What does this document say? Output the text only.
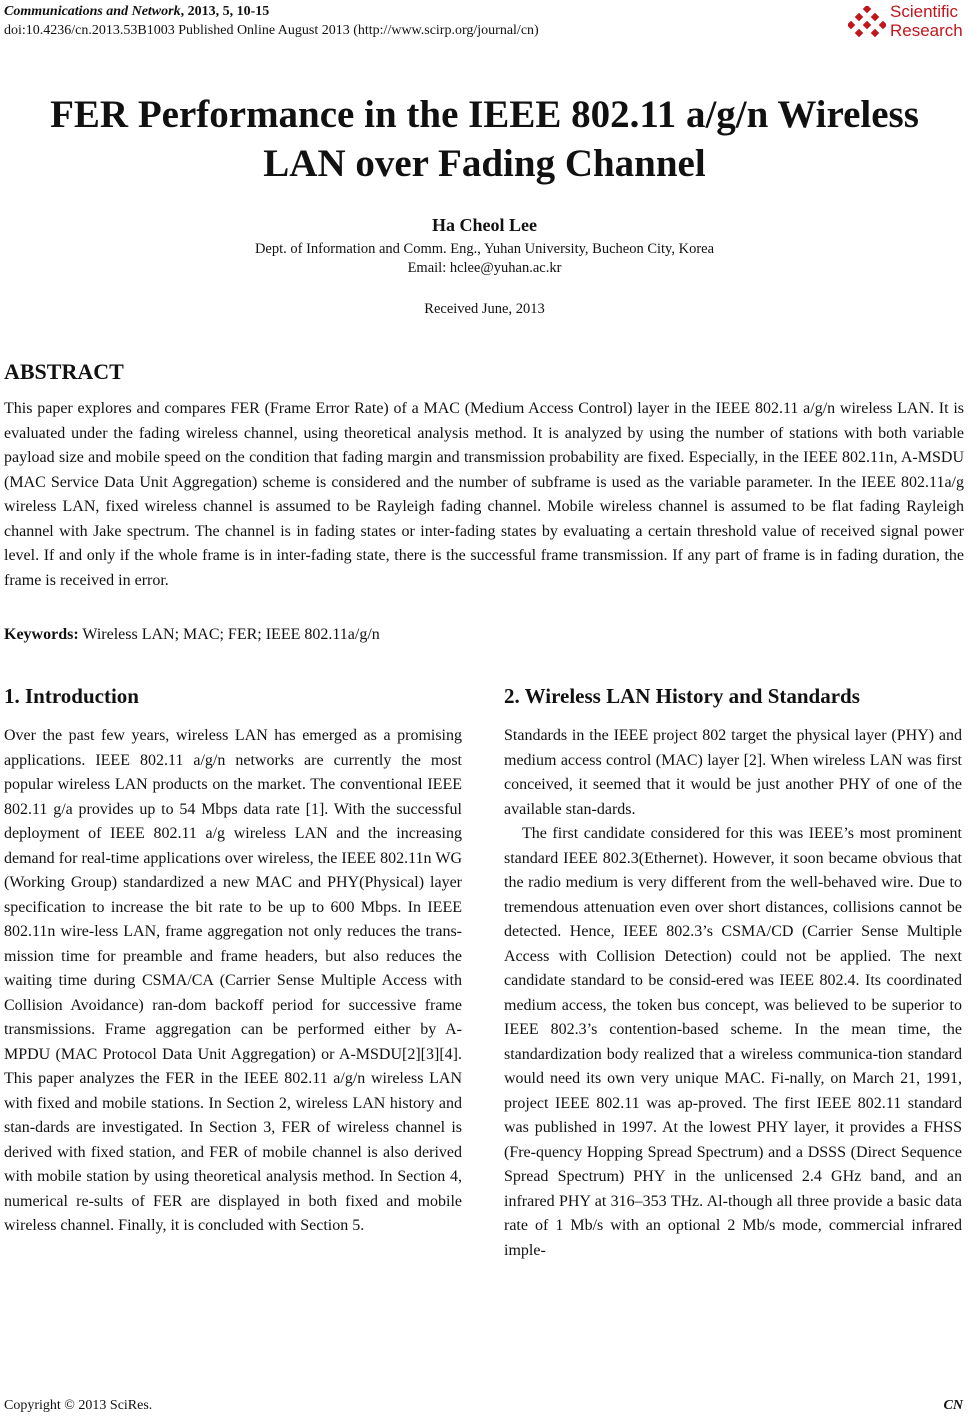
Communications and Network, 2013, 5, 10-15
doi:10.4236/cn.2013.53B1003 Published Online August 2013 (http://www.scirp.org/journal/cn)
Scientific
Research
FER Performance in the IEEE 802.11 a/g/n Wireless
LAN over Fading Channel
Ha Cheol Lee
Dept. of Information and Comm. Eng., Yuhan University, Bucheon City, Korea
Email: hclee@yuhan.ac.kr
Received June, 2013
ABSTRACT

This paper explores and compares FER (Frame Error Rate) of a MAC (Medium Access Control) layer in the IEEE 802.11 a/g/n wireless LAN. It is evaluated under the fading wireless channel, using theoretical analysis method. It is analyzed by using the number of stations with both variable payload size and mobile speed on the condition that fading margin and transmission probability are fixed. Especially, in the IEEE 802.11n, A-MSDU (MAC Service Data Unit Aggregation) scheme is considered and the number of subframe is used as the variable parameter. In the IEEE 802.11a/g wireless LAN, fixed wireless channel is assumed to be Rayleigh fading channel. Mobile wireless channel is assumed to be flat fading Rayleigh channel with Jake spectrum. The channel is in fading states or inter-fading states by evaluating a certain threshold value of received signal power level. If and only if the whole frame is in inter-fading state, there is the successful frame transmission. If any part of frame is in fading duration, the frame is received in error.

Keywords: Wireless LAN; MAC; FER; IEEE 802.11a/g/n
1. Introduction

Over the past few years, wireless LAN has emerged as a promising applications. IEEE 802.11 a/g/n networks are currently the most popular wireless LAN products on the market. The conventional IEEE 802.11 g/a provides up to 54 Mbps data rate [1]. With the successful deployment of IEEE 802.11 a/g wireless LAN and the increasing demand for real-time applications over wireless, the IEEE 802.11n WG (Working Group) standardized a new MAC and PHY(Physical) layer specification to increase the bit rate to be up to 600 Mbps. In IEEE 802.11n wire-less LAN, frame aggregation not only reduces the trans-mission time for preamble and frame headers, but also reduces the waiting time during CSMA/CA (Carrier Sense Multiple Access with Collision Avoidance) ran-dom backoff period for successive frame transmissions. Frame aggregation can be performed either by A-MPDU (MAC Protocol Data Unit Aggregation) or A-MSDU[2][3][4]. This paper analyzes the FER in the IEEE 802.11 a/g/n wireless LAN with fixed and mobile stations. In Section 2, wireless LAN history and stan-dards are investigated. In Section 3, FER of wireless channel is derived with fixed station, and FER of mobile channel is also derived with mobile station by using theoretical analysis method. In Section 4, numerical re-sults of FER are displayed in both fixed and mobile wireless channel. Finally, it is concluded with Section 5.

2. Wireless LAN History and Standards

Standards in the IEEE project 802 target the physical layer (PHY) and medium access control (MAC) layer [2]. When wireless LAN was first conceived, it seemed that it would be just another PHY of one of the available stan-dards.

The first candidate considered for this was IEEE’s most prominent standard IEEE 802.3(Ethernet). However, it soon became obvious that the radio medium is very different from the well-behaved wire. Due to tremendous attenuation even over short distances, collisions cannot be detected. Hence, IEEE 802.3’s CSMA/CD (Carrier Sense Multiple Access with Collision Detection) could not be applied. The next candidate standard to be consid-ered was IEEE 802.4. Its coordinated medium access, the token bus concept, was believed to be superior to IEEE 802.3’s contention-based scheme. In the mean time, the standardization body realized that a wireless communica-tion standard would need its own very unique MAC. Fi-nally, on March 21, 1991, project IEEE 802.11 was ap-proved. The first IEEE 802.11 standard was published in 1997. At the lowest PHY layer, it provides a FHSS (Fre-quency Hopping Spread Spectrum) and a DSSS (Direct Sequence Spread Spectrum) PHY in the unlicensed 2.4 GHz band, and an infrared PHY at 316–353 THz. Al-though all three provide a basic data rate of 1 Mb/s with an optional 2 Mb/s mode, commercial infrared imple-

Copyright © 2013 SciRes.	CN
